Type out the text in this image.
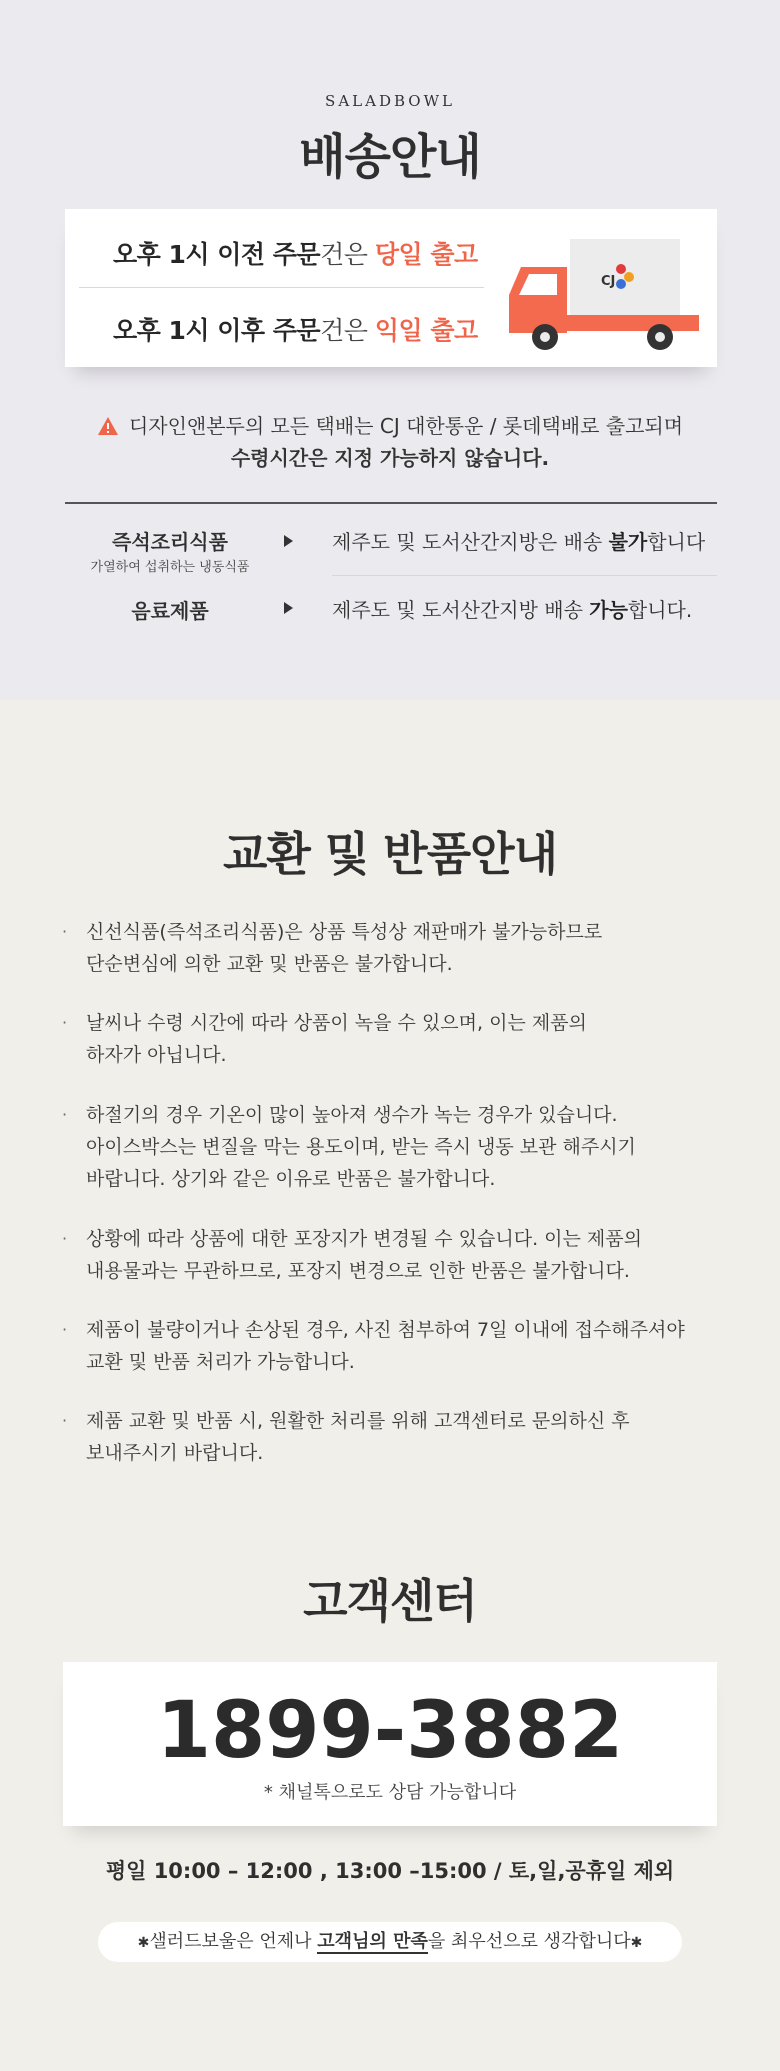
SALADBOWL
배송안내
오후 1시 이전 주문건은 당일 출고
오후 1시 이후 주문건은 익일 출고
CJ
디자인앤본두의 모든 택배는 CJ 대한통운 / 롯데택배로 출고되며
수령시간은 지정 가능하지 않습니다.
즉석조리식품
가열하여 섭취하는 냉동식품
제주도 및 도서산간지방은 배송 불가합니다
음료제품	제주도 및 도서산간지방 배송 가능합니다.
교환 및 반품안내
· 신선식품(즉석조리식품)은 상품 특성상 재판매가 불가능하므로
단순변심에 의한 교환 및 반품은 불가합니다.
· 날씨나 수령 시간에 따라 상품이 녹을 수 있으며, 이는 제품의
하자가 아닙니다.
· 하절기의 경우 기온이 많이 높아져 생수가 녹는 경우가 있습니다.
아이스박스는 변질을 막는 용도이며, 받는 즉시 냉동 보관 해주시기
바랍니다. 상기와 같은 이유로 반품은 불가합니다.
· 상황에 따라 상품에 대한 포장지가 변경될 수 있습니다. 이는 제품의
내용물과는 무관하므로, 포장지 변경으로 인한 반품은 불가합니다.
· 제품이 불량이거나 손상된 경우, 사진 첨부하여 7일 이내에 접수해주셔야
교환 및 반품 처리가 가능합니다.
· 제품 교환 및 반품 시, 원활한 처리를 위해 고객센터로 문의하신 후
보내주시기 바랍니다.
고객센터
1899-3882
* 채널톡으로도 상담 가능합니다
평일 10:00 – 12:00 , 13:00 –15:00 / 토,일,공휴일 제외
✱샐러드보울은 언제나 고객님의 만족을 최우선으로 생각합니다✱
